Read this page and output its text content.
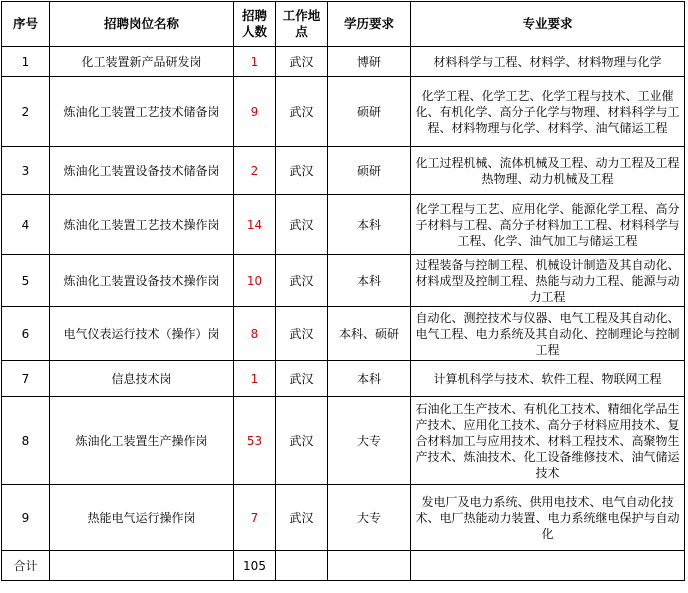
序号	招聘岗位名称	招聘人数	工作地点	学历要求	专业要求
1	化工装置新产品研发岗	1	武汉	博研	材料科学与工程、材料学、材料物理与化学
2	炼油化工装置工艺技术储备岗	9	武汉	硕研	化学工程、化学工艺、化学工程与技术、工业催化、有机化学、高分子化学与物理、材料科学与工程、材料物理与化学、材料学、油气储运工程
3	炼油化工装置设备技术储备岗	2	武汉	硕研	化工过程机械、流体机械及工程、动力工程及工程热物理、动力机械及工程
4	炼油化工装置工艺技术操作岗	14	武汉	本科	化学工程与工艺、应用化学、能源化学工程、高分子材料与工程、高分子材料加工工程、材料科学与工程、化学、油气加工与储运工程
5	炼油化工装置设备技术操作岗	10	武汉	本科	过程装备与控制工程、机械设计制造及其自动化、材料成型及控制工程、热能与动力工程、能源与动力工程
6	电气仪表运行技术（操作）岗	8	武汉	本科、硕研	自动化、测控技术与仪器、电气工程及其自动化、电气工程、电力系统及其自动化、控制理论与控制工程
7	信息技术岗	1	武汉	本科	计算机科学与技术、软件工程、物联网工程
8	炼油化工装置生产操作岗	53	武汉	大专	石油化工生产技术、有机化工技术、精细化学品生产技术、应用化工技术、高分子材料应用技术、复合材料加工与应用技术、材料工程技术、高聚物生产技术、炼油技术、化工设备维修技术、油气储运技术
9	热能电气运行操作岗	7	武汉	大专	发电厂及电力系统、供用电技术、电气自动化技术、电厂热能动力装置、电力系统继电保护与自动化
合计		105			
